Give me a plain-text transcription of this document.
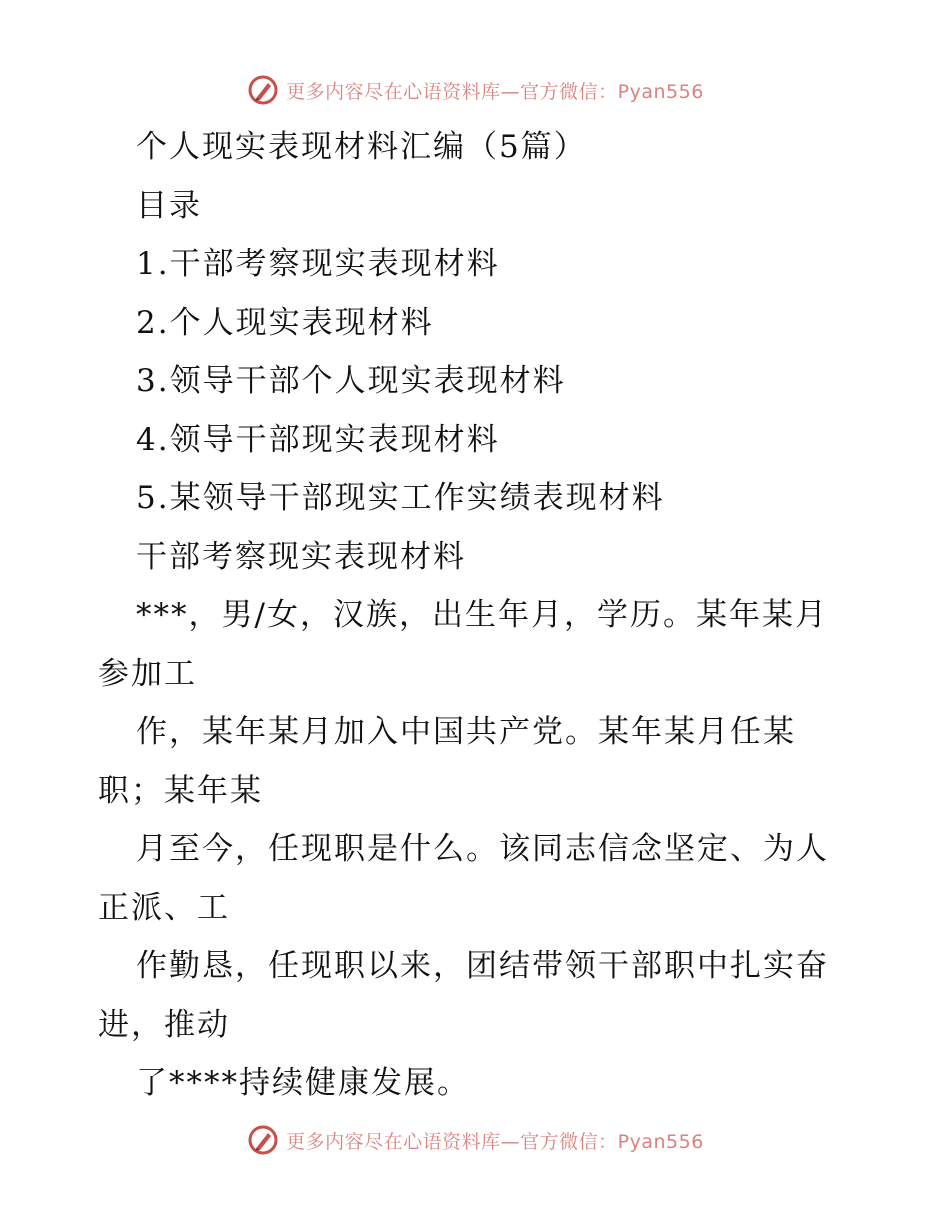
更多内容尽在心语资料库—官方微信：Pyan556
个人现实表现材料汇编（5篇）
目录
1.干部考察现实表现材料
2.个人现实表现材料
3.领导干部个人现实表现材料
4.领导干部现实表现材料
5.某领导干部现实工作实绩表现材料
干部考察现实表现材料
***，男/女，汉族，出生年月，学历。某年某月
参加工
作，某年某月加入中国共产党。某年某月任某
职；某年某
月至今，任现职是什么。该同志信念坚定、为人
正派、工
作勤恳，任现职以来，团结带领干部职中扎实奋
进，推动
了****持续健康发展。
更多内容尽在心语资料库—官方微信：Pyan556
